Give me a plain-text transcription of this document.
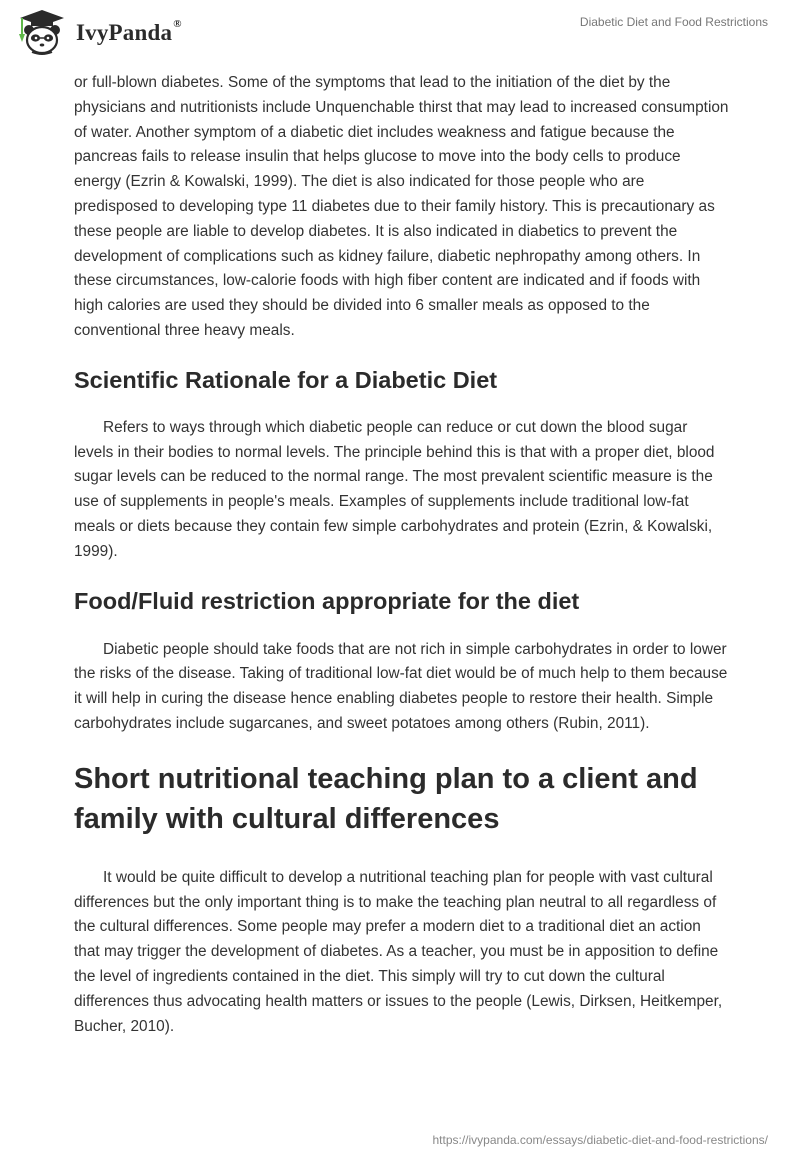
IvyPanda®	Diabetic Diet and Food Restrictions

or full-blown diabetes. Some of the symptoms that lead to the initiation of the diet by the physicians and nutritionists include Unquenchable thirst that may lead to increased consumption of water. Another symptom of a diabetic diet includes weakness and fatigue because the pancreas fails to release insulin that helps glucose to move into the body cells to produce energy (Ezrin & Kowalski, 1999). The diet is also indicated for those people who are predisposed to developing type 11 diabetes due to their family history. This is precautionary as these people are liable to develop diabetes. It is also indicated in diabetics to prevent the development of complications such as kidney failure, diabetic nephropathy among others. In these circumstances, low-calorie foods with high fiber content are indicated and if foods with high calories are used they should be divided into 6 smaller meals as opposed to the conventional three heavy meals.

Scientific Rationale for a Diabetic Diet

Refers to ways through which diabetic people can reduce or cut down the blood sugar levels in their bodies to normal levels. The principle behind this is that with a proper diet, blood sugar levels can be reduced to the normal range. The most prevalent scientific measure is the use of supplements in people's meals. Examples of supplements include traditional low-fat meals or diets because they contain few simple carbohydrates and protein (Ezrin, & Kowalski, 1999).

Food/Fluid restriction appropriate for the diet

Diabetic people should take foods that are not rich in simple carbohydrates in order to lower the risks of the disease. Taking of traditional low-fat diet would be of much help to them because it will help in curing the disease hence enabling diabetes people to restore their health. Simple carbohydrates include sugarcanes, and sweet potatoes among others (Rubin, 2011).

Short nutritional teaching plan to a client and family with cultural differences

It would be quite difficult to develop a nutritional teaching plan for people with vast cultural differences but the only important thing is to make the teaching plan neutral to all regardless of the cultural differences. Some people may prefer a modern diet to a traditional diet an action that may trigger the development of diabetes. As a teacher, you must be in apposition to define the level of ingredients contained in the diet. This simply will try to cut down the cultural differences thus advocating health matters or issues to the people (Lewis, Dirksen, Heitkemper, Bucher, 2010).

https://ivypanda.com/essays/diabetic-diet-and-food-restrictions/
